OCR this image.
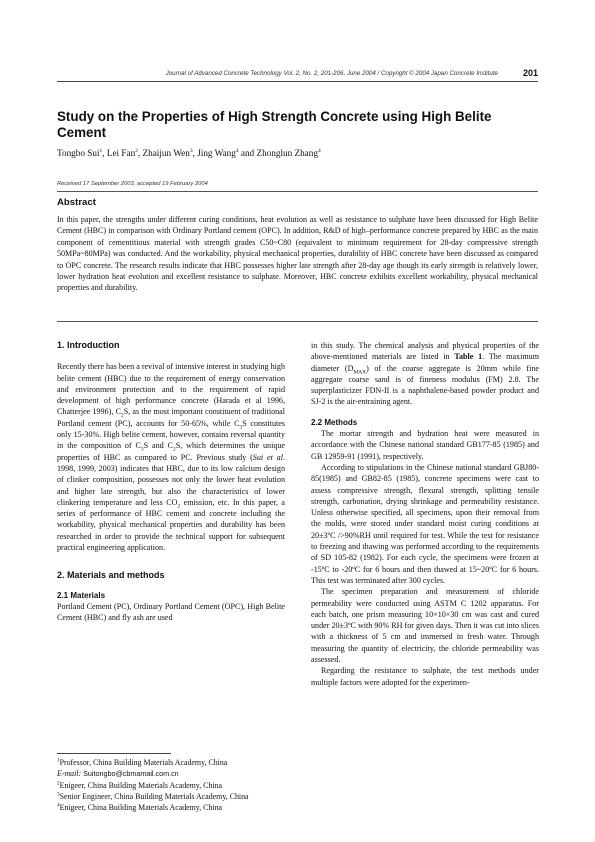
Journal of Advanced Concrete Technology Vol. 2, No. 2, 201-206, June 2004 / Copyright © 2004 Japan Concrete Institute	201
Study on the Properties of High Strength Concrete using High Belite Cement
Tongbo Sui$^1$, Lei Fan$^2$, Zhaijun Wen$^3$, Jing Wang$^4$ and Zhonglun Zhang$^4$
Received 17 September 2003, accepted 19 February 2004
Abstract
In this paper, the strengths under different curing conditions, heat evolution as well as resistance to sulphate have been discussed for High Belite Cement (HBC) in comparison with Ordinary Portland cement (OPC). In addition, R&D of high–performance concrete prepared by HBC as the main component of cementitious material with strength grades C50~C80 (equivalent to minimum requirement for 28-day compressive strength 50MPa~80MPa) was conducted. And the workability, physical mechanical properties, durability of HBC concrete have been discussed as compared to OPC concrete. The research results indicate that HBC possesses higher late strength after 28-day age though its early strength is relatively lower, lower hydration heat evolution and excellent resistance to sulphate. Moreover, HBC concrete exhibits excellent workability, physical mechanical properties and durability.
1. Introduction

Recently there has been a revival of intensive interest in studying high belite cement (HBC) due to the requirement of energy conservation and environment protection and to the requirement of rapid development of high performance concrete (Harada et al 1996, Chatterjee 1996), $C_2S$, as the most important constituent of traditional Portland cement (PC), accounts for 50-65%, while $C_3S$ constitutes only 15-30%. High belite cement, however, contains reversal quantity in the composition of $C_3S$ and $C_2S$, which determines the unique properties of HBC as compared to PC. Previous study (Sui et al. 1998, 1999, 2003) indicates that HBC, due to its low calcium design of clinker composition, possesses not only the lower heat evolution and higher late strength, but also the characteristics of lower clinkering temperature and less $CO_2$ emission, etc. In this paper, a series of performance of HBC cement and concrete including the workability, physical mechanical properties and durability has been researched in order to provide the technical support for subsequent practical engineering application.

2. Materials and methods
2.1 Materials

Portland Cement (PC), Ordinary Portland Cement (OPC), High Belite Cement (HBC) and fly ash are used

$^1$Professor, China Building Materials Academy, China

E-mail: Suitongbo@cbmamail.com.cn

$^2$Enigeer, China Building Materials Academy, China

$^3$Senior Engineer, China Building Materials Academy, China

$^4$Enigeer, China Building Materials Academy, China

in this study. The chemical analysis and physical properties of the above-mentioned materials are listed in Table 1. The maximum diameter $(D_{MAX})$ of the coarse aggregate is 20mm while fine aggregate coarse sand is of fineness modulus (FM) 2.8. The superplasticizer FDN-II is a naphthalene-based powder product and SJ-2 is the air-entraining agent.

2.2 Methods

The mortar strength and hydration heat were measured in accordance with the Chinese national standard GB177-85 (1985) and GB 12959-91 (1991), respectively.

According to stipulations in the Chinese national standard GBJ80-85(1985) and GB82-85 (1985), concrete specimens were cast to assess compressive strength, flexural strength, splitting tensile strength, carbonation, drying shrinkage and permeability resistance. Unless otherwise specified, all specimens, upon their removal from the molds, were stored under standard moist curing conditions at 20±3ºC />90%RH until required for test. While the test for resistance to freezing and thawing was performed according to the requirements of SD 105-82 (1982). For each cycle, the specimens were frozen at -15ºC to -20ºC for 6 hours and then thawed at 15~20ºC for 6 hours. This test was terminated after 300 cycles.

The specimen preparation and measurement of chloride permeability were conducted using ASTM C 1202 apparatus. For each batch, one prism measuring 10×10×30 cm was cast and cured under 20±3ºC with 90% RH for given days. Then it was cut into slices with a thickness of 5 cm and immersed in fresh water. Through measuring the quantity of electricity, the chloride permeability was assessed.

Regarding the resistance to sulphate, the test methods under multiple factors were adopted for the experimen-
